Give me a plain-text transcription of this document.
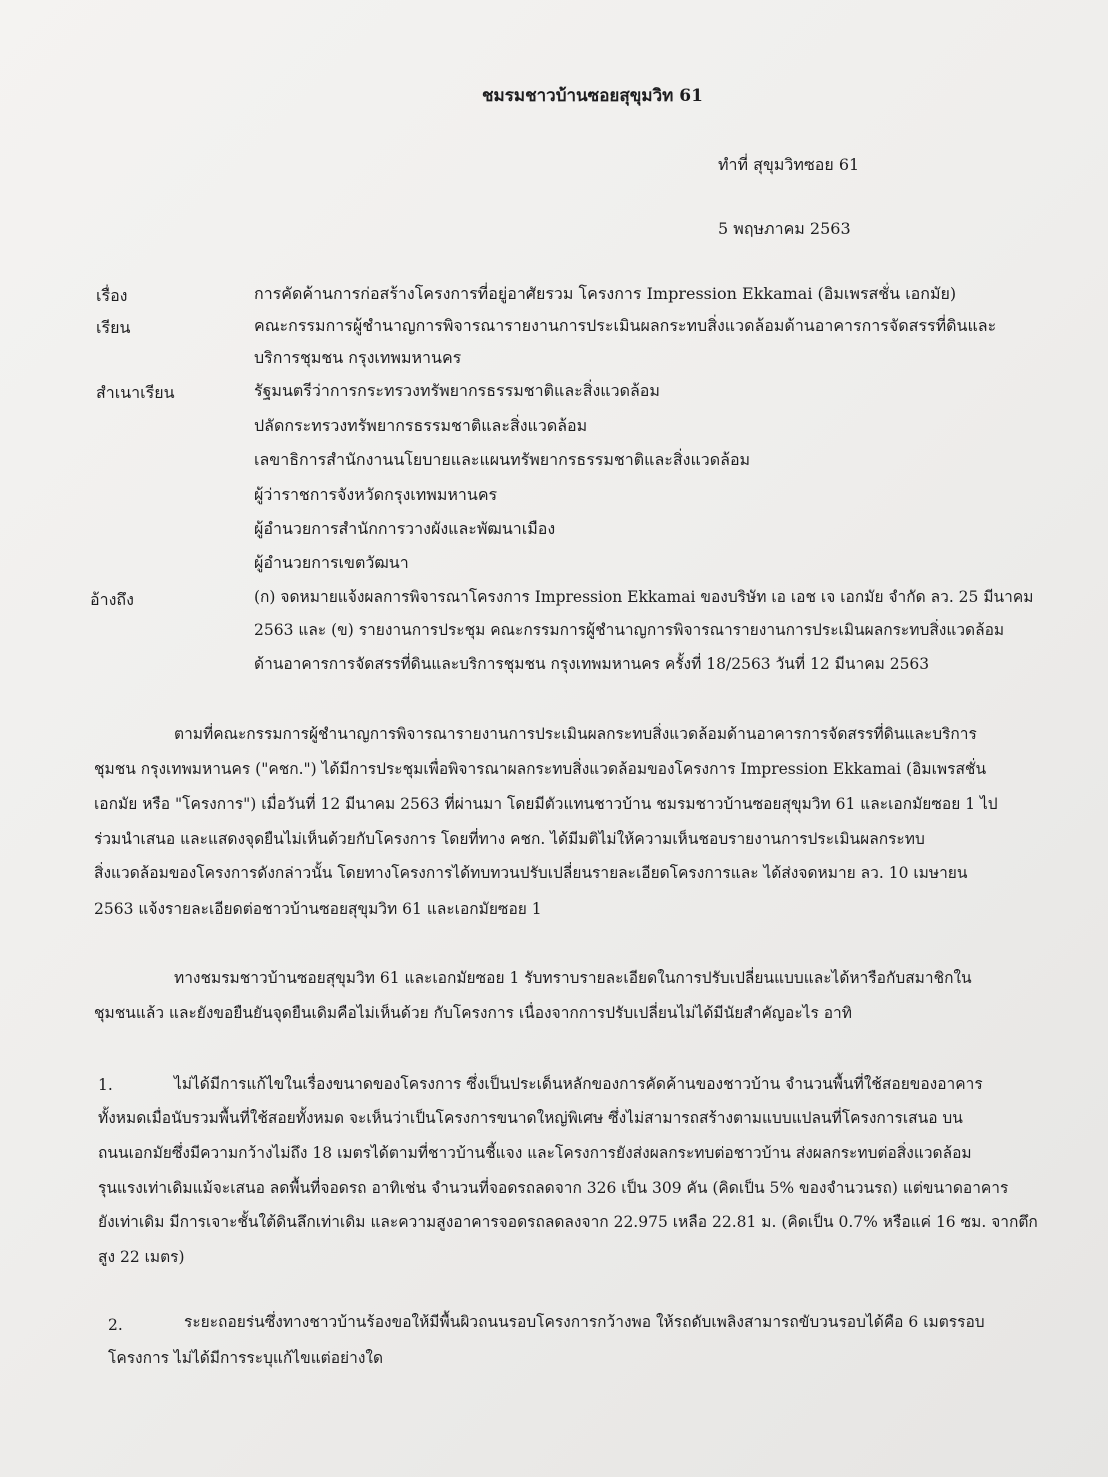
ชมรมชาวบ้านซอยสุขุมวิท 61
ทำที่ สุขุมวิทซอย 61
5 พฤษภาคม 2563
เรื่อง	การคัดค้านการก่อสร้างโครงการที่อยู่อาศัยรวม โครงการ Impression Ekkamai (อิมเพรสชั่น เอกมัย)
เรียน	คณะกรรมการผู้ชำนาญการพิจารณารายงานการประเมินผลกระทบสิ่งแวดล้อมด้านอาคารการจัดสรรที่ดินและ
บริการชุมชน กรุงเทพมหานคร
สำเนาเรียน	รัฐมนตรีว่าการกระทรวงทรัพยากรธรรมชาติและสิ่งแวดล้อม
ปลัดกระทรวงทรัพยากรธรรมชาติและสิ่งแวดล้อม
เลขาธิการสำนักงานนโยบายและแผนทรัพยากรธรรมชาติและสิ่งแวดล้อม
ผู้ว่าราชการจังหวัดกรุงเทพมหานคร
ผู้อำนวยการสำนักการวางผังและพัฒนาเมือง
ผู้อำนวยการเขตวัฒนา
อ้างถึง	(ก) จดหมายแจ้งผลการพิจารณาโครงการ Impression Ekkamai ของบริษัท เอ เอช เจ เอกมัย จำกัด ลว. 25 มีนาคม
2563 และ (ข) รายงานการประชุม คณะกรรมการผู้ชำนาญการพิจารณารายงานการประเมินผลกระทบสิ่งแวดล้อม
ด้านอาคารการจัดสรรที่ดินและบริการชุมชน กรุงเทพมหานคร ครั้งที่ 18/2563 วันที่ 12 มีนาคม 2563
ตามที่คณะกรรมการผู้ชำนาญการพิจารณารายงานการประเมินผลกระทบสิ่งแวดล้อมด้านอาคารการจัดสรรที่ดินและบริการ
ชุมชน กรุงเทพมหานคร ("คชก.") ได้มีการประชุมเพื่อพิจารณาผลกระทบสิ่งแวดล้อมของโครงการ Impression Ekkamai (อิมเพรสชั่น
เอกมัย หรือ "โครงการ") เมื่อวันที่ 12 มีนาคม 2563 ที่ผ่านมา โดยมีตัวแทนชาวบ้าน ชมรมชาวบ้านซอยสุขุมวิท 61 และเอกมัยซอย 1 ไป
ร่วมนำเสนอ และแสดงจุดยืนไม่เห็นด้วยกับโครงการ โดยที่ทาง คชก. ได้มีมติไม่ให้ความเห็นชอบรายงานการประเมินผลกระทบ
สิ่งแวดล้อมของโครงการดังกล่าวนั้น โดยทางโครงการได้ทบทวนปรับเปลี่ยนรายละเอียดโครงการและ ได้ส่งจดหมาย ลว. 10 เมษายน
2563 แจ้งรายละเอียดต่อชาวบ้านซอยสุขุมวิท 61 และเอกมัยซอย 1
ทางชมรมชาวบ้านซอยสุขุมวิท 61 และเอกมัยซอย 1 รับทราบรายละเอียดในการปรับเปลี่ยนแบบและได้หารือกับสมาชิกใน
ชุมชนแล้ว และยังขอยืนยันจุดยืนเดิมคือไม่เห็นด้วย กับโครงการ เนื่องจากการปรับเปลี่ยนไม่ได้มีนัยสำคัญอะไร อาทิ
1.	ไม่ได้มีการแก้ไขในเรื่องขนาดของโครงการ ซึ่งเป็นประเด็นหลักของการคัดค้านของชาวบ้าน จำนวนพื้นที่ใช้สอยของอาคาร
ทั้งหมดเมื่อนับรวมพื้นที่ใช้สอยทั้งหมด จะเห็นว่าเป็นโครงการขนาดใหญ่พิเศษ ซึ่งไม่สามารถสร้างตามแบบแปลนที่โครงการเสนอ บน
ถนนเอกมัยซึ่งมีความกว้างไม่ถึง 18 เมตรได้ตามที่ชาวบ้านชี้แจง และโครงการยังส่งผลกระทบต่อชาวบ้าน ส่งผลกระทบต่อสิ่งแวดล้อม
รุนแรงเท่าเดิมแม้จะเสนอ ลดพื้นที่จอดรถ อาทิเช่น จำนวนที่จอดรถลดจาก 326 เป็น 309 คัน (คิดเป็น 5% ของจำนวนรถ) แต่ขนาดอาคาร
ยังเท่าเดิม มีการเจาะชั้นใต้ดินลึกเท่าเดิม และความสูงอาคารจอดรถลดลงจาก 22.975 เหลือ 22.81 ม. (คิดเป็น 0.7% หรือแค่ 16 ซม. จากตึก
สูง 22 เมตร)
2.	ระยะถอยร่นซึ่งทางชาวบ้านร้องขอให้มีพื้นผิวถนนรอบโครงการกว้างพอ ให้รถดับเพลิงสามารถขับวนรอบได้คือ 6 เมตรรอบ
โครงการ ไม่ได้มีการระบุแก้ไขแต่อย่างใด
